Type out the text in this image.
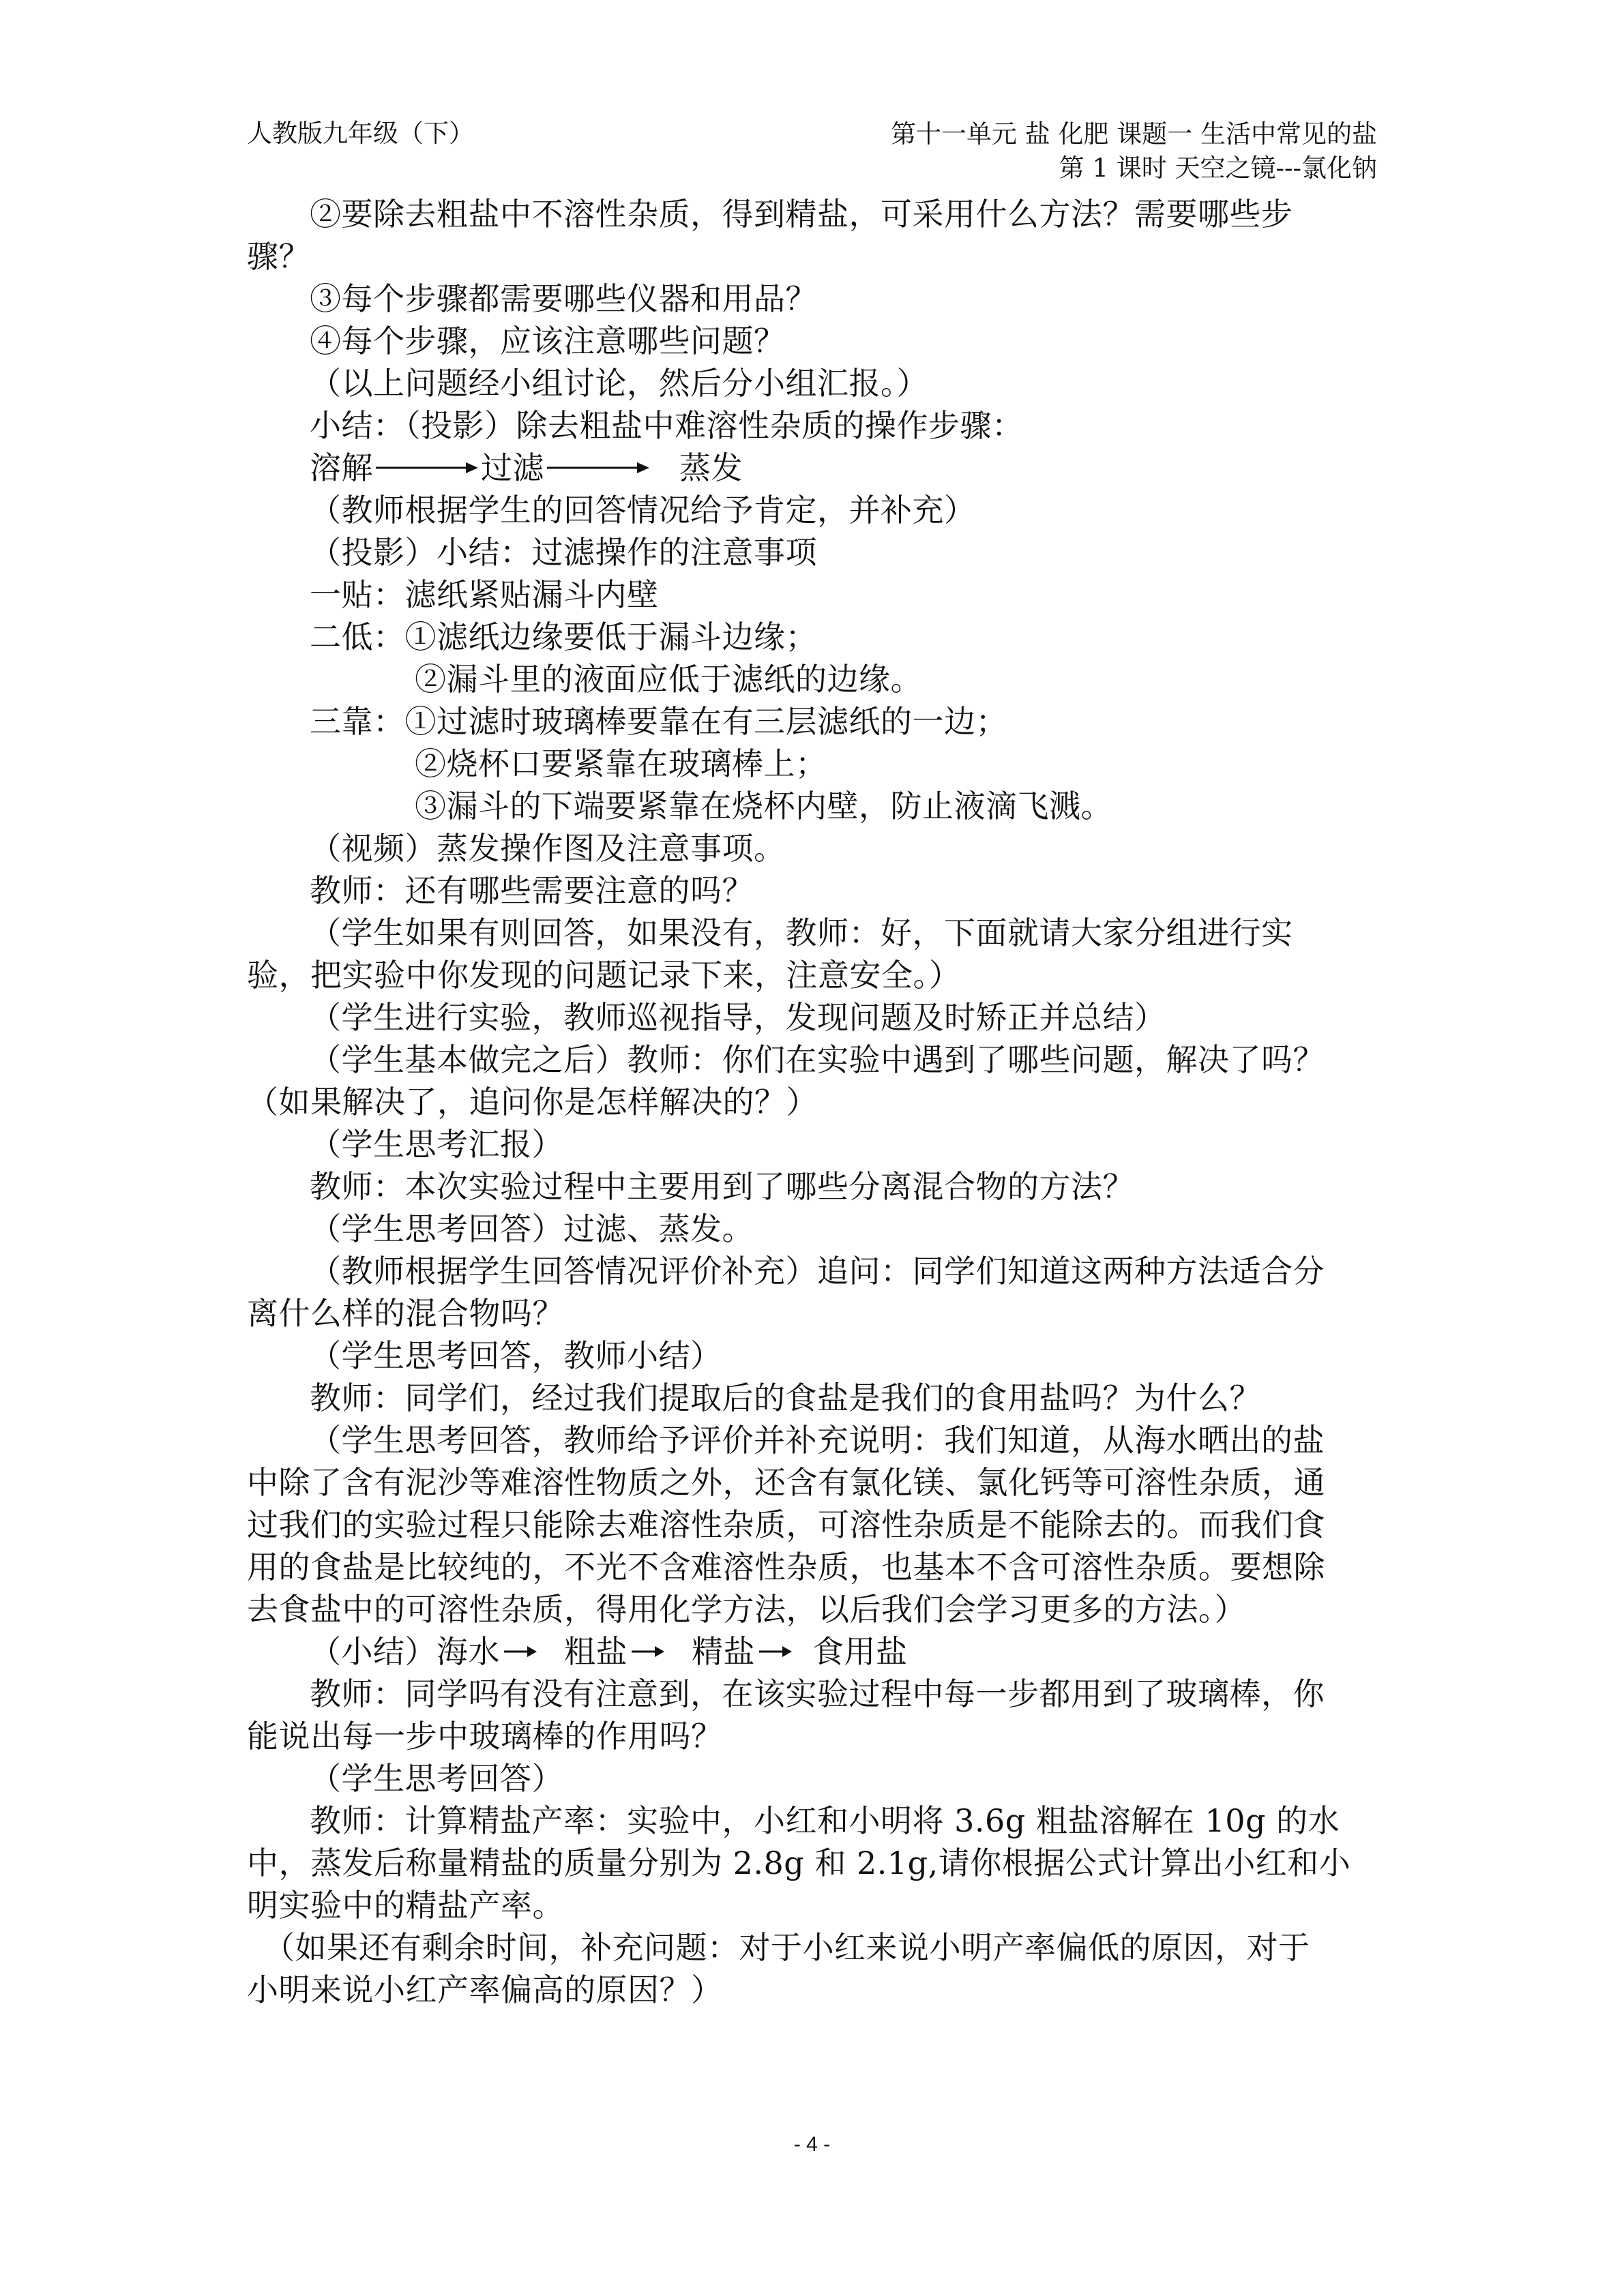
人教版九年级（下）	第十一单元 盐 化肥 课题一 生活中常见的盐
第 1 课时 天空之镜---氯化钠
②要除去粗盐中不溶性杂质，得到精盐，可采用什么方法？需要哪些步
骤？
③每个步骤都需要哪些仪器和用品？
④每个步骤，应该注意哪些问题？
（以上问题经小组讨论，然后分小组汇报。）
小结：（投影）除去粗盐中难溶性杂质的操作步骤：
溶解	过滤	蒸发
（教师根据学生的回答情况给予肯定，并补充）
（投影）小结：过滤操作的注意事项
一贴：滤纸紧贴漏斗内壁
二低：①滤纸边缘要低于漏斗边缘；
②漏斗里的液面应低于滤纸的边缘。
三靠：①过滤时玻璃棒要靠在有三层滤纸的一边；
②烧杯口要紧靠在玻璃棒上；
③漏斗的下端要紧靠在烧杯内壁，防止液滴飞溅。
（视频）蒸发操作图及注意事项。
教师：还有哪些需要注意的吗？
（学生如果有则回答，如果没有，教师：好，下面就请大家分组进行实
验，把实验中你发现的问题记录下来，注意安全。）
（学生进行实验，教师巡视指导，发现问题及时矫正并总结）
（学生基本做完之后）教师：你们在实验中遇到了哪些问题，解决了吗？
（如果解决了，追问你是怎样解决的？）
（学生思考汇报）
教师：本次实验过程中主要用到了哪些分离混合物的方法？
（学生思考回答）过滤、蒸发。
（教师根据学生回答情况评价补充）追问：同学们知道这两种方法适合分
离什么样的混合物吗？
（学生思考回答，教师小结）
教师：同学们，经过我们提取后的食盐是我们的食用盐吗？为什么？
（学生思考回答，教师给予评价并补充说明：我们知道，从海水晒出的盐
中除了含有泥沙等难溶性物质之外，还含有氯化镁、氯化钙等可溶性杂质，通
过我们的实验过程只能除去难溶性杂质，可溶性杂质是不能除去的。而我们食
用的食盐是比较纯的，不光不含难溶性杂质，也基本不含可溶性杂质。要想除
去食盐中的可溶性杂质，得用化学方法，以后我们会学习更多的方法。）
（小结） 海水 粗盐 精盐 食用盐
教师：同学吗有没有注意到，在该实验过程中每一步都用到了玻璃棒，你
能说出每一步中玻璃棒的作用吗？
（学生思考回答）
教师：计算精盐产率：实验中，小红和小明将 3.6g 粗盐溶解在 10g 的水
中，蒸发后称量精盐的质量分别为 2.8g 和 2.1g,请你根据公式计算出小红和小
明实验中的精盐产率。
（如果还有剩余时间，补充问题：对于小红来说小明产率偏低的原因，对于
小明来说小红产率偏高的原因？）
- 4 -
